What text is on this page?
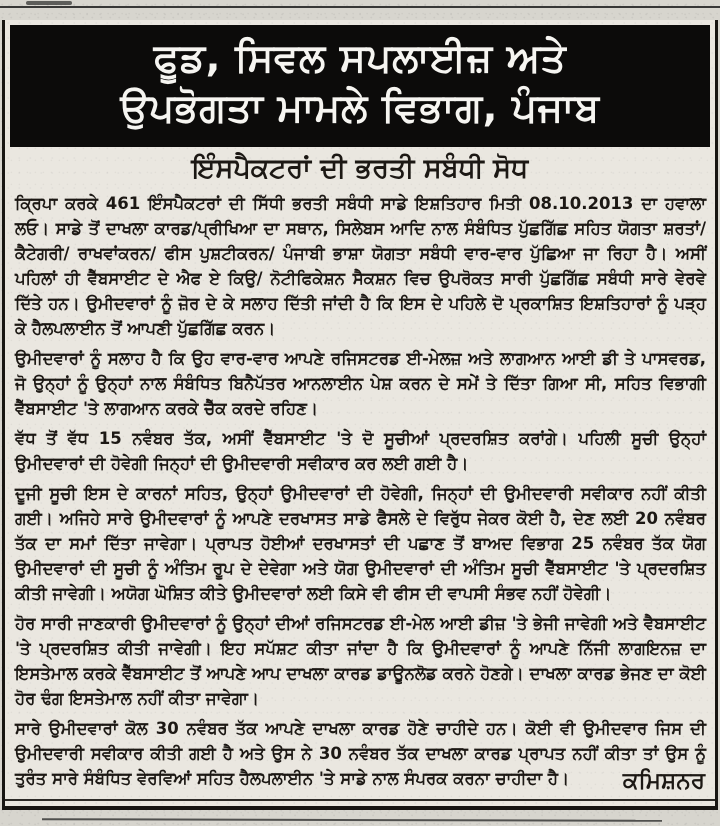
ਫੂਡ, ਸਿਵਲ ਸਪਲਾਈਜ਼ ਅਤੇ
ਉਪਭੋਗਤਾ ਮਾਮਲੇ ਵਿਭਾਗ, ਪੰਜਾਬ
ਇੰਸਪੈਕਟਰਾਂ ਦੀ ਭਰਤੀ ਸਬੰਧੀ ਸੋਧ

ਕ੍ਰਿਪਾ ਕਰਕੇ 461 ਇੰਸਪੈਕਟਰਾਂ ਦੀ ਸਿੱਧੀ ਭਰਤੀ ਸਬੰਧੀ ਸਾਡੇ ਇਸ਼ਤਿਹਾਰ ਮਿਤੀ 08.10.2013 ਦਾ ਹਵਾਲਾ ਲਓ। ਸਾਡੇ ਤੋਂ ਦਾਖਲਾ ਕਾਰਡ/ਪ੍ਰੀਖਿਆ ਦਾ ਸਥਾਨ, ਸਿਲੇਬਸ ਆਦਿ ਨਾਲ ਸੰਬੰਧਿਤ ਪੁੱਛਗਿੱਛ ਸਹਿਤ ਯੋਗਤਾ ਸ਼ਰਤਾਂ/ ਕੈਟੇਗਰੀ/ ਰਾਖਵਾਂਕਰਨ/ ਫੀਸ ਪੁਸ਼ਟੀਕਰਨ/ ਪੰਜਾਬੀ ਭਾਸ਼ਾ ਯੋਗਤਾ ਸਬੰਧੀ ਵਾਰ-ਵਾਰ ਪੁੱਛਿਆ ਜਾ ਰਿਹਾ ਹੈ। ਅਸੀਂ ਪਹਿਲਾਂ ਹੀ ਵੈੱਬਸਾਈਟ ਦੇ ਐਫ ਏ ਕਿਉ/ ਨੋਟੀਫਿਕੇਸ਼ਨ ਸੈਕਸ਼ਨ ਵਿਚ ਉਪਰੋਕਤ ਸਾਰੀ ਪੁੱਛਗਿੱਛ ਸਬੰਧੀ ਸਾਰੇ ਵੇਰਵੇ ਦਿੱਤੇ ਹਨ। ਉਮੀਦਵਾਰਾਂ ਨੂੰ ਜ਼ੋਰ ਦੇ ਕੇ ਸਲਾਹ ਦਿੱਤੀ ਜਾਂਦੀ ਹੈ ਕਿ ਇਸ ਦੇ ਪਹਿਲੇ ਦੋ ਪ੍ਰਕਾਸ਼ਿਤ ਇਸ਼ਤਿਹਾਰਾਂ ਨੂੰ ਪੜ੍ਹ ਕੇ ਹੈਲਪਲਾਈਨ ਤੋਂ ਆਪਣੀ ਪੁੱਛਗਿੱਛ ਕਰਨ।

ਉਮੀਦਵਾਰਾਂ ਨੂੰ ਸਲਾਹ ਹੈ ਕਿ ਉਹ ਵਾਰ-ਵਾਰ ਆਪਣੇ ਰਜਿਸਟਰਡ ਈ-ਮੇਲਜ਼ ਅਤੇ ਲਾਗਆਨ ਆਈ ਡੀ ਤੇ ਪਾਸਵਰਡ, ਜੋ ਉਨ੍ਹਾਂ ਨੂੰ ਉਨ੍ਹਾਂ ਨਾਲ ਸੰਬੰਧਿਤ ਬਿਨੈਪੱਤਰ ਆਨਲਾਈਨ ਪੇਸ਼ ਕਰਨ ਦੇ ਸਮੇਂ ਤੇ ਦਿੱਤਾ ਗਿਆ ਸੀ, ਸਹਿਤ ਵਿਭਾਗੀ ਵੈੱਬਸਾਈਟ 'ਤੇ ਲਾਗਆਨ ਕਰਕੇ ਚੈੱਕ ਕਰਦੇ ਰਹਿਣ।

ਵੱਧ ਤੋਂ ਵੱਧ 15 ਨਵੰਬਰ ਤੱਕ, ਅਸੀਂ ਵੈੱਬਸਾਈਟ 'ਤੇ ਦੋ ਸੂਚੀਆਂ ਪ੍ਰਦਰਸ਼ਿਤ ਕਰਾਂਗੇ। ਪਹਿਲੀ ਸੂਚੀ ਉਨ੍ਹਾਂ ਉਮੀਦਵਾਰਾਂ ਦੀ ਹੋਵੇਗੀ ਜਿਨ੍ਹਾਂ ਦੀ ਉਮੀਦਵਾਰੀ ਸਵੀਕਾਰ ਕਰ ਲਈ ਗਈ ਹੈ।

ਦੂਜੀ ਸੂਚੀ ਇਸ ਦੇ ਕਾਰਨਾਂ ਸਹਿਤ, ਉਨ੍ਹਾਂ ਉਮੀਦਵਾਰਾਂ ਦੀ ਹੋਵੇਗੀ, ਜਿਨ੍ਹਾਂ ਦੀ ਉਮੀਦਵਾਰੀ ਸਵੀਕਾਰ ਨਹੀਂ ਕੀਤੀ ਗਈ। ਅਜਿਹੇ ਸਾਰੇ ਉਮੀਦਵਾਰਾਂ ਨੂੰ ਆਪਣੇ ਦਰਖਾਸਤ ਸਾਡੇ ਫੈਸਲੇ ਦੇ ਵਿਰੁੱਧ ਜੇਕਰ ਕੋਈ ਹੈ, ਦੇਣ ਲਈ 20 ਨਵੰਬਰ ਤੱਕ ਦਾ ਸਮਾਂ ਦਿੱਤਾ ਜਾਵੇਗਾ। ਪ੍ਰਾਪਤ ਹੋਈਆਂ ਦਰਖਾਸਤਾਂ ਦੀ ਪਛਾਣ ਤੋਂ ਬਾਅਦ ਵਿਭਾਗ 25 ਨਵੰਬਰ ਤੱਕ ਯੋਗ ਉਮੀਦਵਾਰਾਂ ਦੀ ਸੂਚੀ ਨੂੰ ਅੰਤਿਮ ਰੂਪ ਦੇ ਦੇਵੇਗਾ ਅਤੇ ਯੋਗ ਉਮੀਦਵਾਰਾਂ ਦੀ ਅੰਤਿਮ ਸੂਚੀ ਵੈੱਬਸਾਈਟ 'ਤੇ ਪ੍ਰਦਰਸ਼ਿਤ ਕੀਤੀ ਜਾਵੇਗੀ। ਅਯੋਗ ਘੋਸ਼ਿਤ ਕੀਤੇ ਉਮੀਦਵਾਰਾਂ ਲਈ ਕਿਸੇ ਵੀ ਫੀਸ ਦੀ ਵਾਪਸੀ ਸੰਭਵ ਨਹੀਂ ਹੋਵੇਗੀ।

ਹੋਰ ਸਾਰੀ ਜਾਣਕਾਰੀ ਉਮੀਦਵਾਰਾਂ ਨੂੰ ਉਨ੍ਹਾਂ ਦੀਆਂ ਰਜਿਸਟਰਡ ਈ-ਮੇਲ ਆਈ ਡੀਜ਼ 'ਤੇ ਭੇਜੀ ਜਾਵੇਗੀ ਅਤੇ ਵੈਬਸਾਈਟ 'ਤੇ ਪ੍ਰਦਰਸ਼ਿਤ ਕੀਤੀ ਜਾਵੇਗੀ। ਇਹ ਸਪੱਸ਼ਟ ਕੀਤਾ ਜਾਂਦਾ ਹੈ ਕਿ ਉਮੀਦਵਾਰਾਂ ਨੂੰ ਆਪਣੇ ਨਿੱਜੀ ਲਾਗਇਨਜ਼ ਦਾ ਇਸਤੇਮਾਲ ਕਰਕੇ ਵੈੱਬਸਾਈਟ ਤੋਂ ਆਪਣੇ ਆਪ ਦਾਖਲਾ ਕਾਰਡ ਡਾਊਨਲੋਡ ਕਰਨੇ ਹੋਣਗੇ। ਦਾਖਲਾ ਕਾਰਡ ਭੇਜਣ ਦਾ ਕੋਈ ਹੋਰ ਢੰਗ ਇਸਤੇਮਾਲ ਨਹੀਂ ਕੀਤਾ ਜਾਵੇਗਾ।

ਸਾਰੇ ਉਮੀਦਵਾਰਾਂ ਕੋਲ 30 ਨਵੰਬਰ ਤੱਕ ਆਪਣੇ ਦਾਖਲਾ ਕਾਰਡ ਹੋਣੇ ਚਾਹੀਦੇ ਹਨ। ਕੋਈ ਵੀ ਉਮੀਦਵਾਰ ਜਿਸ ਦੀ ਉਮੀਦਵਾਰੀ ਸਵੀਕਾਰ ਕੀਤੀ ਗਈ ਹੈ ਅਤੇ ਉਸ ਨੇ 30 ਨਵੰਬਰ ਤੱਕ ਦਾਖਲਾ ਕਾਰਡ ਪ੍ਰਾਪਤ ਨਹੀਂ ਕੀਤਾ ਤਾਂ ਉਸ ਨੂੰ ਤੁਰੰਤ ਸਾਰੇ ਸੰਬੰਧਿਤ ਵੇਰਵਿਆਂ ਸਹਿਤ ਹੈਲਪਲਾਈਨ 'ਤੇ ਸਾਡੇ ਨਾਲ ਸੰਪਰਕ ਕਰਨਾ ਚਾਹੀਦਾ ਹੈ।	ਕਮਿਸ਼ਨਰ
